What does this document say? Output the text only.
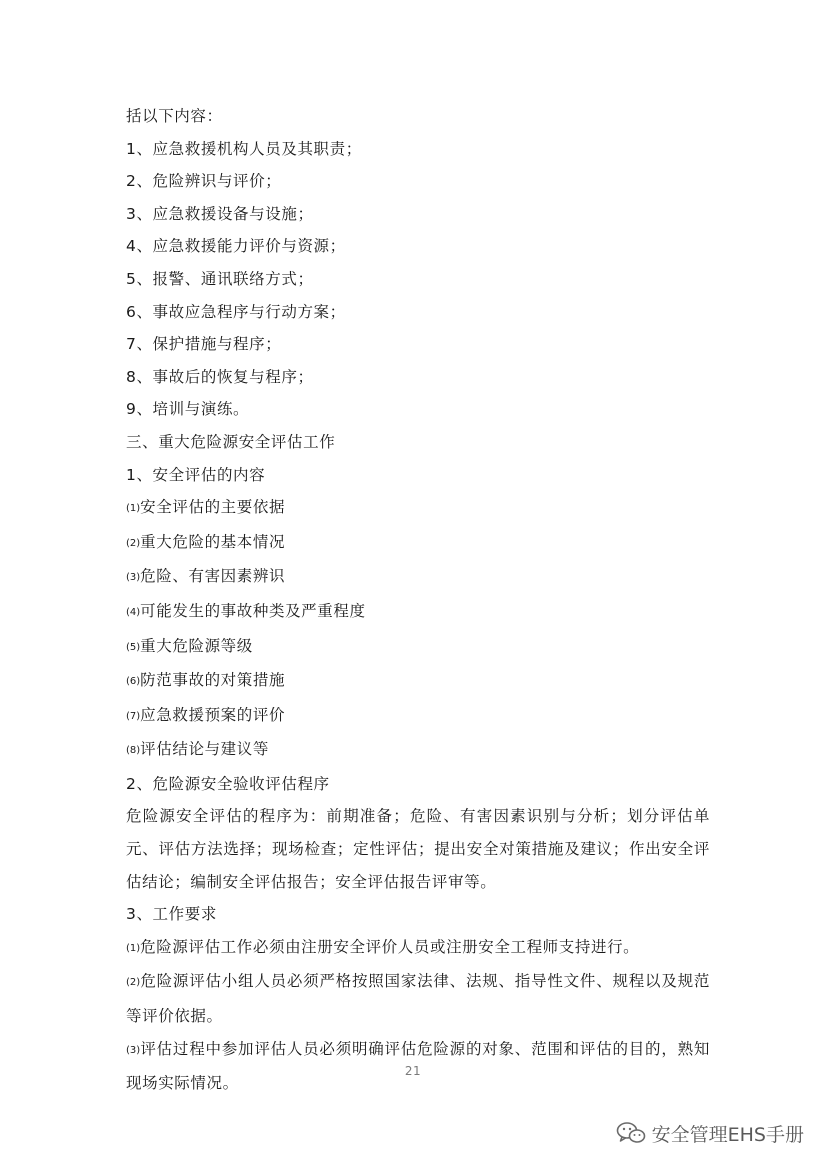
括以下内容：
1、应急救援机构人员及其职责；
2、危险辨识与评价；
3、应急救援设备与设施；
4、应急救援能力评价与资源；
5、报警、通讯联络方式；
6、事故应急程序与行动方案；
7、保护措施与程序；
8、事故后的恢复与程序；
9、培训与演练。
三、重大危险源安全评估工作
1、安全评估的内容
(1)安全评估的主要依据
(2)重大危险的基本情况
(3)危险、有害因素辨识
(4)可能发生的事故种类及严重程度
(5)重大危险源等级
(6)防范事故的对策措施
(7)应急救援预案的评价
(8)评估结论与建议等
2、危险源安全验收评估程序
危险源安全评估的程序为：前期准备；危险、有害因素识别与分析；划分评估单元、评估方法选择；现场检查；定性评估；提出安全对策措施及建议；作出安全评估结论；编制安全评估报告；安全评估报告评审等。
3、工作要求
(1)危险源评估工作必须由注册安全评价人员或注册安全工程师支持进行。
(2)危险源评估小组人员必须严格按照国家法律、法规、指导性文件、规程以及规范等评价依据。
(3)评估过程中参加评估人员必须明确评估危险源的对象、范围和评估的目的，熟知现场实际情况。
21
安全管理EHS手册
